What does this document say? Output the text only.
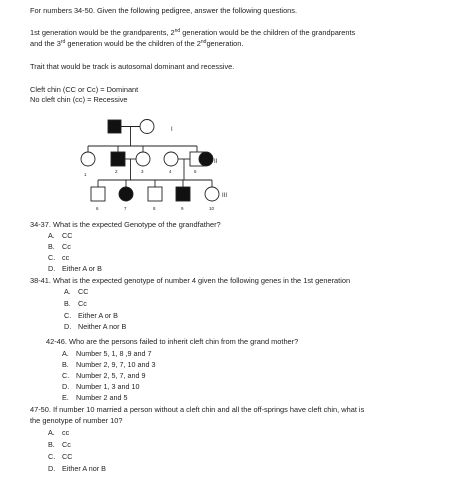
For numbers 34-50. Given the following pedigree, answer the following questions.
1st generation would be the grandparents, 2nd generation would be the children of the grandparents
and the 3rd generation would be the children of the 2ndgeneration.
Trait that would be track is autosomal dominant and recessive.
Cleft chin (CC or Cc) = Dominant
No cleft chin (cc) = Recessive
I
II
III
1
2	3	4	5
6	7	8	9	10
34-37. What is the expected Genotype of the grandfather?
A. CC
B. Cc
C. cc
D. Either A or B
38-41. What is the expected genotype of number 4 given the following genes in the 1st generation
A. CC
B. Cc
C. Either A or B
D. Neither A nor B
42-46. Who are the persons failed to inherit cleft chin from the grand mother?
A. Number 5, 1, 8 ,9 and 7
B. Number 2, 9, 7, 10 and 3
C. Number 2, 5, 7, and 9
D. Number 1, 3 and 10
E. Number 2 and 5
47-50. If number 10 married a person without a cleft chin and all the off-springs have cleft chin, what is
the genotype of number 10?
A. cc
B. Cc
C. CC
D. Either A nor B
